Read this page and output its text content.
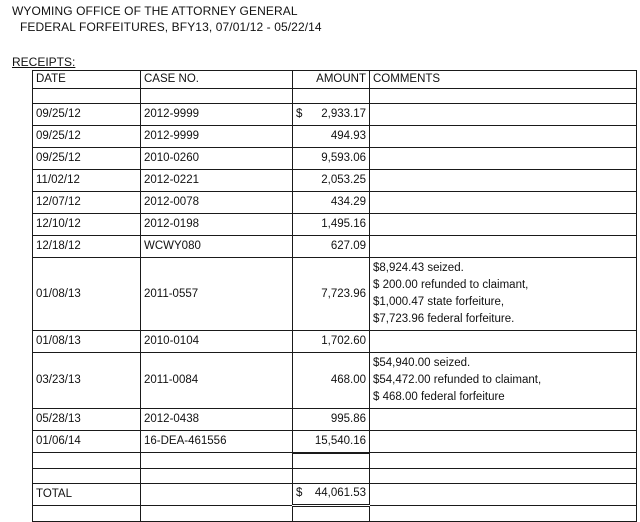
WYOMING OFFICE OF THE ATTORNEY GENERAL
FEDERAL FORFEITURES, BFY13, 07/01/12 - 05/22/14
RECEIPTS:
DATE	CASE NO.	AMOUNT	COMMENTS

09/25/12	2012-9999	$ 2,933.17	
09/25/12	2012-9999	494.93	
09/25/12	2010-0260	9,593.06	
11/02/12	2012-0221	2,053.25	
12/07/12	2012-0078	434.29	
12/10/12	2012-0198	1,495.16	
12/18/12	WCWY080	627.09	
01/08/13	2011-0557	7,723.96	$8,924.43 seized.
$ 200.00 refunded to claimant,
$1,000.47 state forfeiture,
$7,723.96 federal forfeiture.

01/08/13	2010-0104	1,702.60	
03/23/13	2011-0084	468.00	$54,940.00 seized.
$54,472.00 refunded to claimant,
$ 468.00 federal forfeiture

05/28/13	2012-0438	995.86	
01/06/14	16-DEA-461556	15,540.16	

TOTAL		$ 44,061.53	
